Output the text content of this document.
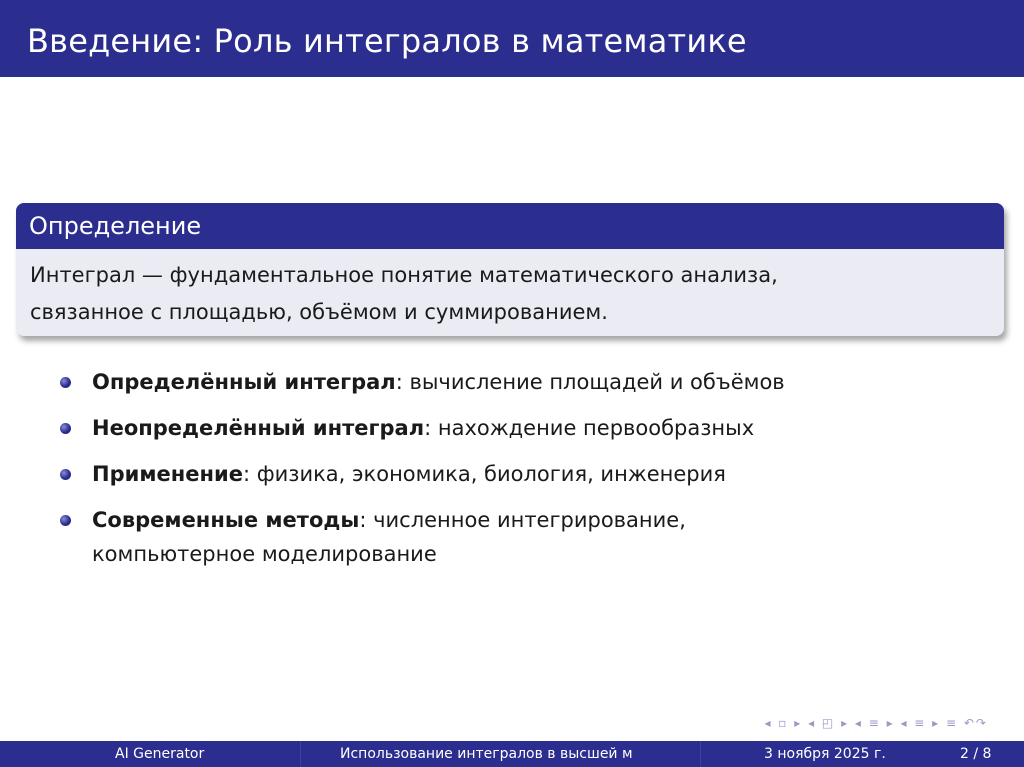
Введение: Роль интегралов в математике
Определение

Интеграл — фундаментальное понятие математического анализа,

связанное с площадью, объёмом и суммированием.

Определённый интеграл: вычисление площадей и объёмов
Неопределённый интеграл: нахождение первообразных
Применение: физика, экономика, биология, инженерия
Современные методы: численное интегрирование,
компьютерное моделирование
◂ ▫ ▸ ◂ ◰ ▸ ◂ ≡ ▸ ◂ ≡ ▸ ≡ ↶↷
AI Generator	Использование интегралов в высшей м	3 ноября 2025 г.	2 / 8
